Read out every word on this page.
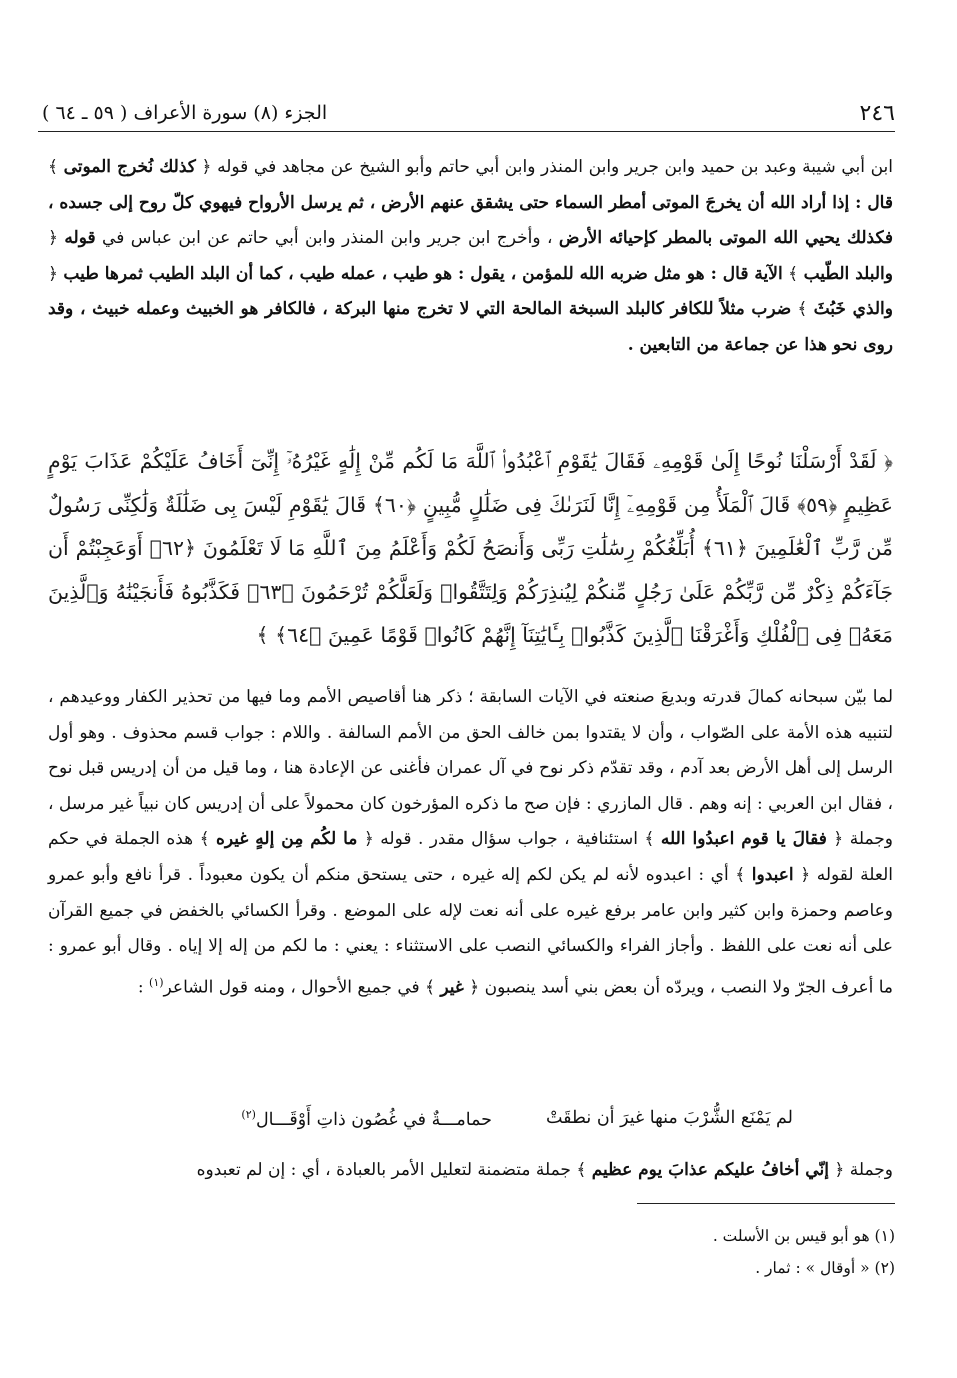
٢٤٦
الجزء (٨) سورة الأعراف ( ٥٩ ـ ٦٤ )

ابن أبي شيبة وعبد بن حميد وابن جرير وابن المنذر وابن أبي حاتم وأبو الشيخ عن مجاهد في قوله ﴿ كذلك نُخرج الموتى ﴾ قال : إذا أراد الله أن يخرجَ الموتى أمطر السماء حتى يشقق عنهم الأرض ، ثم يرسل الأرواح فيهوي كلّ روح إلى جسده ، فكذلك يحيي الله الموتى بالمطر كإحيائه الأرض ، وأخرج ابن جرير وابن المنذر وابن أبي حاتم عن ابن عباس في قوله ﴿ والبلد الطّيب ﴾ الآية قال : هو مثل ضربه الله للمؤمن ، يقول : هو طيب ، عمله طيب ، كما أن البلد الطيب ثمرها طيب ﴿ والذي خَبُثَ ﴾ ضرب مثلاً للكافر كالبلد السبخة المالحة التي لا تخرج منها البركة ، فالكافر هو الخبيث وعمله خبيث ، وقد روى نحو هذا عن جماعة من التابعين .

﴿ لَقَدْ أَرْسَلْنَا نُوحًا إِلَىٰ قَوْمِهِۦ فَقَالَ يَٰقَوْمِ ٱعْبُدُوا۟ ٱللَّهَ مَا لَكُم مِّنْ إِلَٰهٍ غَيْرُهُۥٓ إِنِّىٓ أَخَافُ عَلَيْكُمْ عَذَابَ يَوْمٍ عَظِيمٍ ﴿٥٩﴾ قَالَ ٱلْمَلَأُ مِن قَوْمِهِۦٓ إِنَّا لَنَرَىٰكَ فِى ضَلَٰلٍ مُّبِينٍ ﴿٦٠﴾ قَالَ يَٰقَوْمِ لَيْسَ بِى ضَلَٰلَةٌ وَلَٰكِنِّى رَسُولٌ مِّن رَّبِّ ٱلْعَٰلَمِينَ ﴿٦١﴾ أُبَلِّغُكُمْ رِسَٰلَٰتِ رَبِّى وَأَنصَحُ لَكُمْ وَأَعْلَمُ مِنَ ٱللَّهِ مَا لَا تَعْلَمُونَ ﴿٦٢﴾ أَوَعَجِبْتُمْ أَن جَآءَكُمْ ذِكْرٌ مِّن رَّبِّكُمْ عَلَىٰ رَجُلٍ مِّنكُمْ لِيُنذِرَكُمْ وَلِتَتَّقُوا۟ وَلَعَلَّكُمْ تُرْحَمُونَ ﴿٦٣﴾ فَكَذَّبُوهُ فَأَنجَيْنَٰهُ وَٱلَّذِينَ مَعَهُۥ فِى ٱلْفُلْكِ وَأَغْرَقْنَا ٱلَّذِينَ كَذَّبُوا۟ بِـَٔايَٰتِنَآ إِنَّهُمْ كَانُوا۟ قَوْمًا عَمِينَ ﴿٦٤﴾ ﴾

لما بيّن سبحانه كمالَ قدرته وبديعَ صنعته في الآيات السابقة ؛ ذكر هنا أقاصيص الأمم وما فيها من تحذير الكفار ووعيدهم ، لتنبيه هذه الأمة على الصّواب ، وأن لا يقتدوا بمن خالف الحق من الأمم السالفة . واللام : جواب قسم محذوف . وهو أول الرسل إلى أهل الأرض بعد آدم ، وقد تقدّم ذكر نوح في آل عمران فأغنى عن الإعادة هنا ، وما قيل من أن إدريس قبل نوح ، فقال ابن العربي : إنه وهم . قال المازري : فإن صح ما ذكره المؤرخون كان محمولاً على أن إدريس كان نبياً غير مرسل ، وجملة ﴿ فقالَ يا قوم اعبدُوا الله ﴾ استئنافية ، جواب سؤال مقدر . قوله ﴿ ما لكُم مِن إلهٍ غيره ﴾ هذه الجملة في حكم العلة لقوله ﴿ اعبدوا ﴾ أي : اعبدوه لأنه لم يكن لكم إله غيره ، حتى يستحق منكم أن يكون معبوداً . قرأ نافع وأبو عمرو وعاصم وحمزة وابن كثير وابن عامر برفع غيره على أنه نعت لإله على الموضع . وقرأ الكسائي بالخفض في جميع القرآن على أنه نعت على اللفظ . وأجاز الفراء والكسائي النصب على الاستثناء : يعني : ما لكم من إله إلا إياه . وقال أبو عمرو : ما أعرف الجرّ ولا النصب ، ويردّه أن بعض بني أسد ينصبون ﴿ غير ﴾ في جميع الأحوال ، ومنه قول الشاعر$^{(١)}$ :

لم يَمْنَع الشُّرْبَ منها غيرَ أن نطقَتْ
حمامـــةٌ في غُصُون ذاتِ أَوْقَـــال$^{(٢)}$
وجملة ﴿ إنّي أخافُ عليكم عذابَ يوم عظيم ﴾ جملة متضمنة لتعليل الأمر بالعبادة ، أي : إن لم تعبدوه
(١) هو أبو قيس بن الأسلت .
(٢) « أوقال » : ثمار .
